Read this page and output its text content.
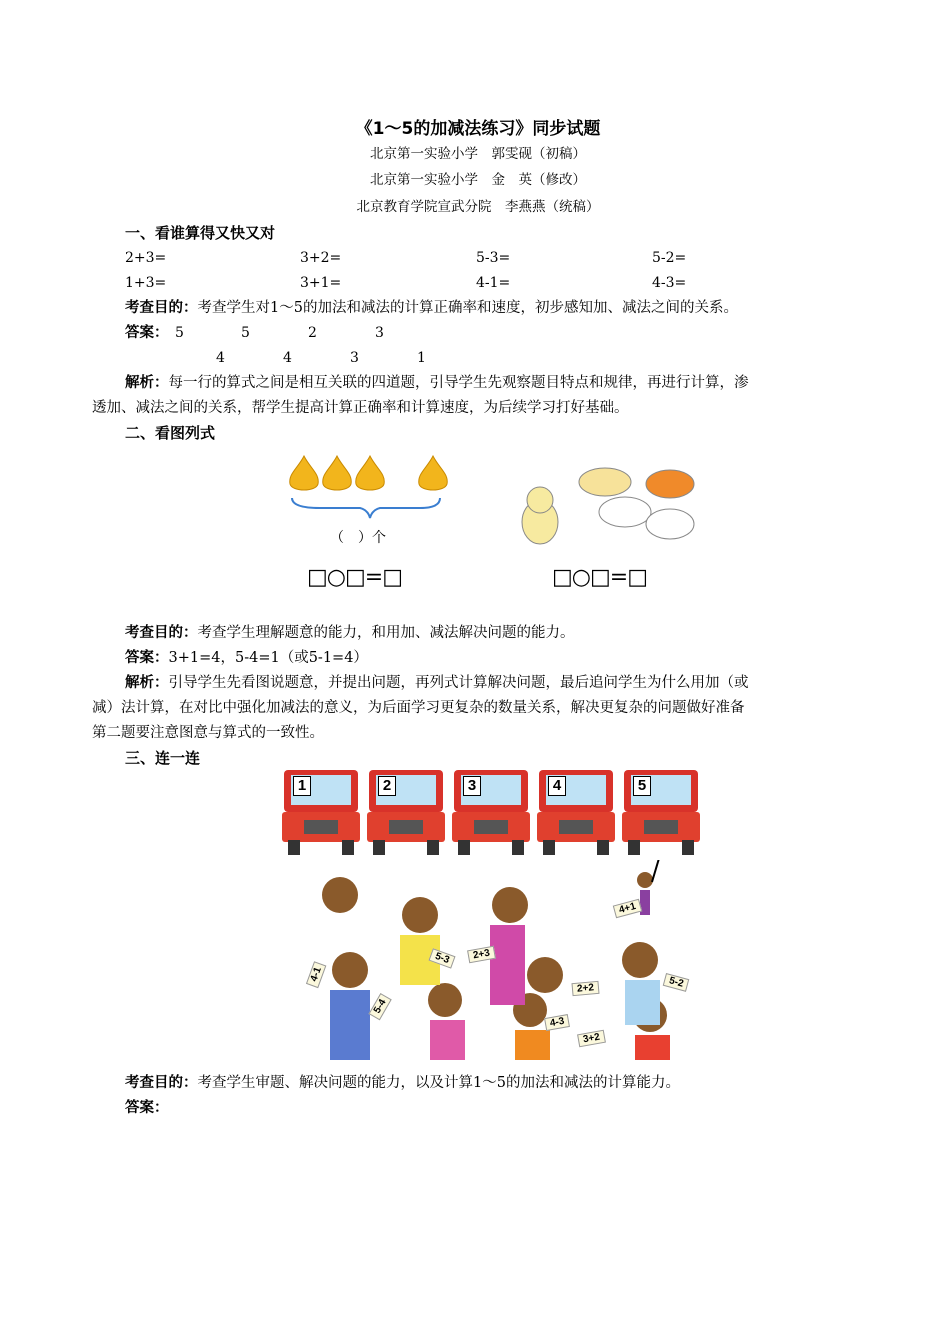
《1～5的加减法练习》同步试题
北京第一实验小学　郭雯砚（初稿）
北京第一实验小学　金　英（修改）
北京教育学院宣武分院　李燕燕（统稿）
一、看谁算得又快又对
2+3=	3+2=	5-3=	5-2=
1+3=	3+1=	4-1=	4-3=
考查目的：考查学生对1～5的加法和减法的计算正确率和速度，初步感知加、减法之间的关系。
答案： 5	5	2	3
4	4	3	1
解析：每一行的算式之间是相互关联的四道题，引导学生先观察题目特点和规律，再进行计算，渗
透加、减法之间的关系，帮学生提高计算正确率和计算速度，为后续学习打好基础。
二、看图列式
（　）个
□○□=□	□○□=□
考查目的：考查学生理解题意的能力，和用加、减法解决问题的能力。
答案：3+1=4，5-4=1（或5-1=4）
解析：引导学生先看图说题意，并提出问题，再列式计算解决问题，最后追问学生为什么用加（或
减）法计算，在对比中强化加减法的意义，为后面学习更复杂的数量关系，解决更复杂的问题做好准备
第二题要注意图意与算式的一致性。
三、连一连
1	2	3	4	5
4-1
5-3	2+3
5-4
2+2
4-3
3+2
5-2
4+1
考查目的：考查学生审题、解决问题的能力，以及计算1～5的加法和减法的计算能力。
答案：
